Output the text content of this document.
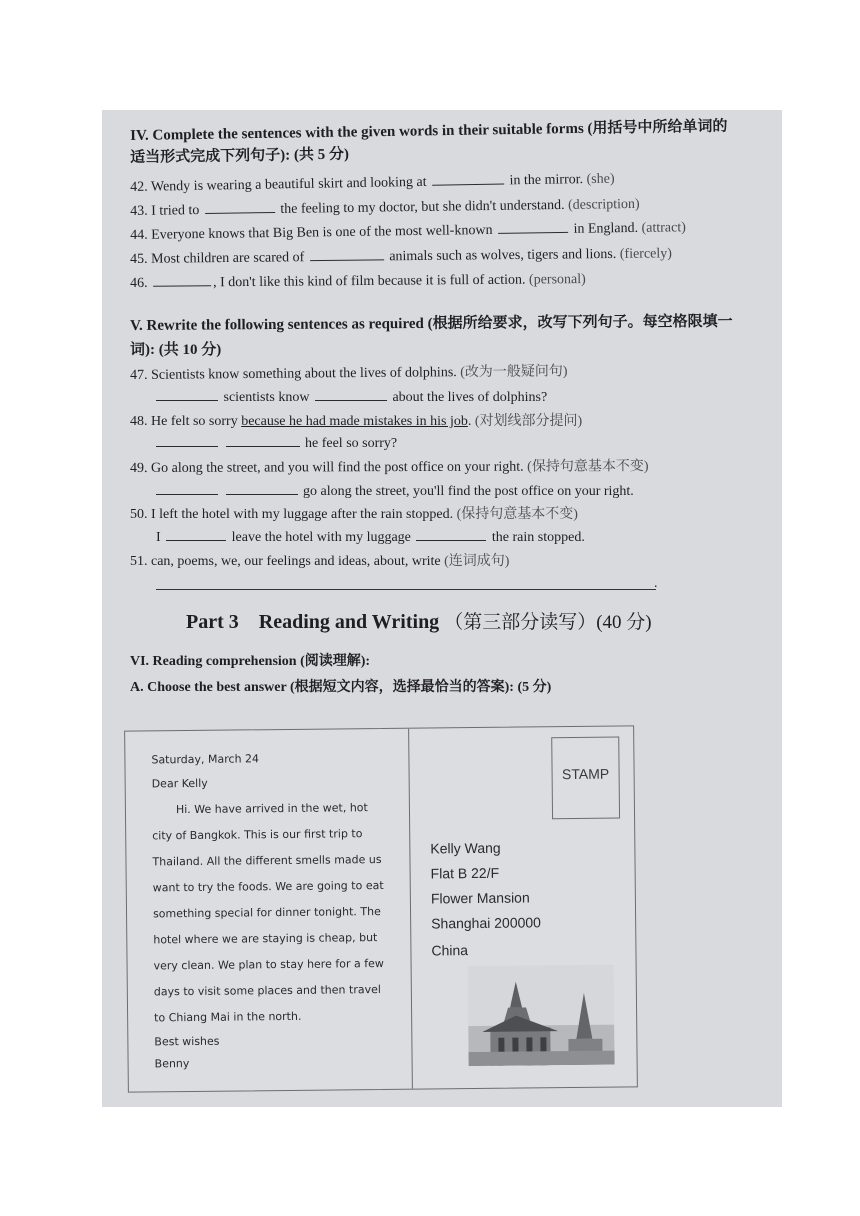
IV. Complete the sentences with the given words in their suitable forms (用括号中所给单词的
适当形式完成下列句子): (共 5 分)
42. Wendy is wearing a beautiful skirt and looking at	in the mirror. (she)
43. I tried to	the feeling to my doctor, but she didn't understand. (description)
44. Everyone knows that Big Ben is one of the most well-known	in England. (attract)
45. Most children are scared of	animals such as wolves, tigers and lions. (fiercely)
46.	, I don't like this kind of film because it is full of action. (personal)
V. Rewrite the following sentences as required (根据所给要求，改写下列句子。每空格限填一
词): (共 10 分)
47. Scientists know something about the lives of dolphins. (改为一般疑问句)
scientists know	about the lives of dolphins?
48. He felt so sorry because he had made mistakes in his job. (对划线部分提问)
he feel so sorry?
49. Go along the street, and you will find the post office on your right. (保持句意基本不变)
go along the street, you'll find the post office on your right.
50. I left the hotel with my luggage after the rain stopped. (保持句意基本不变)
I	leave the hotel with my luggage	the rain stopped.
51. can, poems, we, our feelings and ideas, about, write (连词成句)
.
Part 3 Reading and Writing （第三部分读写）(40 分)
VI. Reading comprehension (阅读理解):
A. Choose the best answer (根据短文内容，选择最恰当的答案): (5 分)
Saturday, March 24
Dear Kelly
Hi. We have arrived in the wet, hot
city of Bangkok. This is our first trip to
Thailand. All the different smells made us
want to try the foods. We are going to eat
something special for dinner tonight. The
hotel where we are staying is cheap, but
very clean. We plan to stay here for a few
days to visit some places and then travel
to Chiang Mai in the north.
Best wishes
Benny
STAMP
Kelly Wang
Flat B 22/F
Flower Mansion
Shanghai 200000
China
